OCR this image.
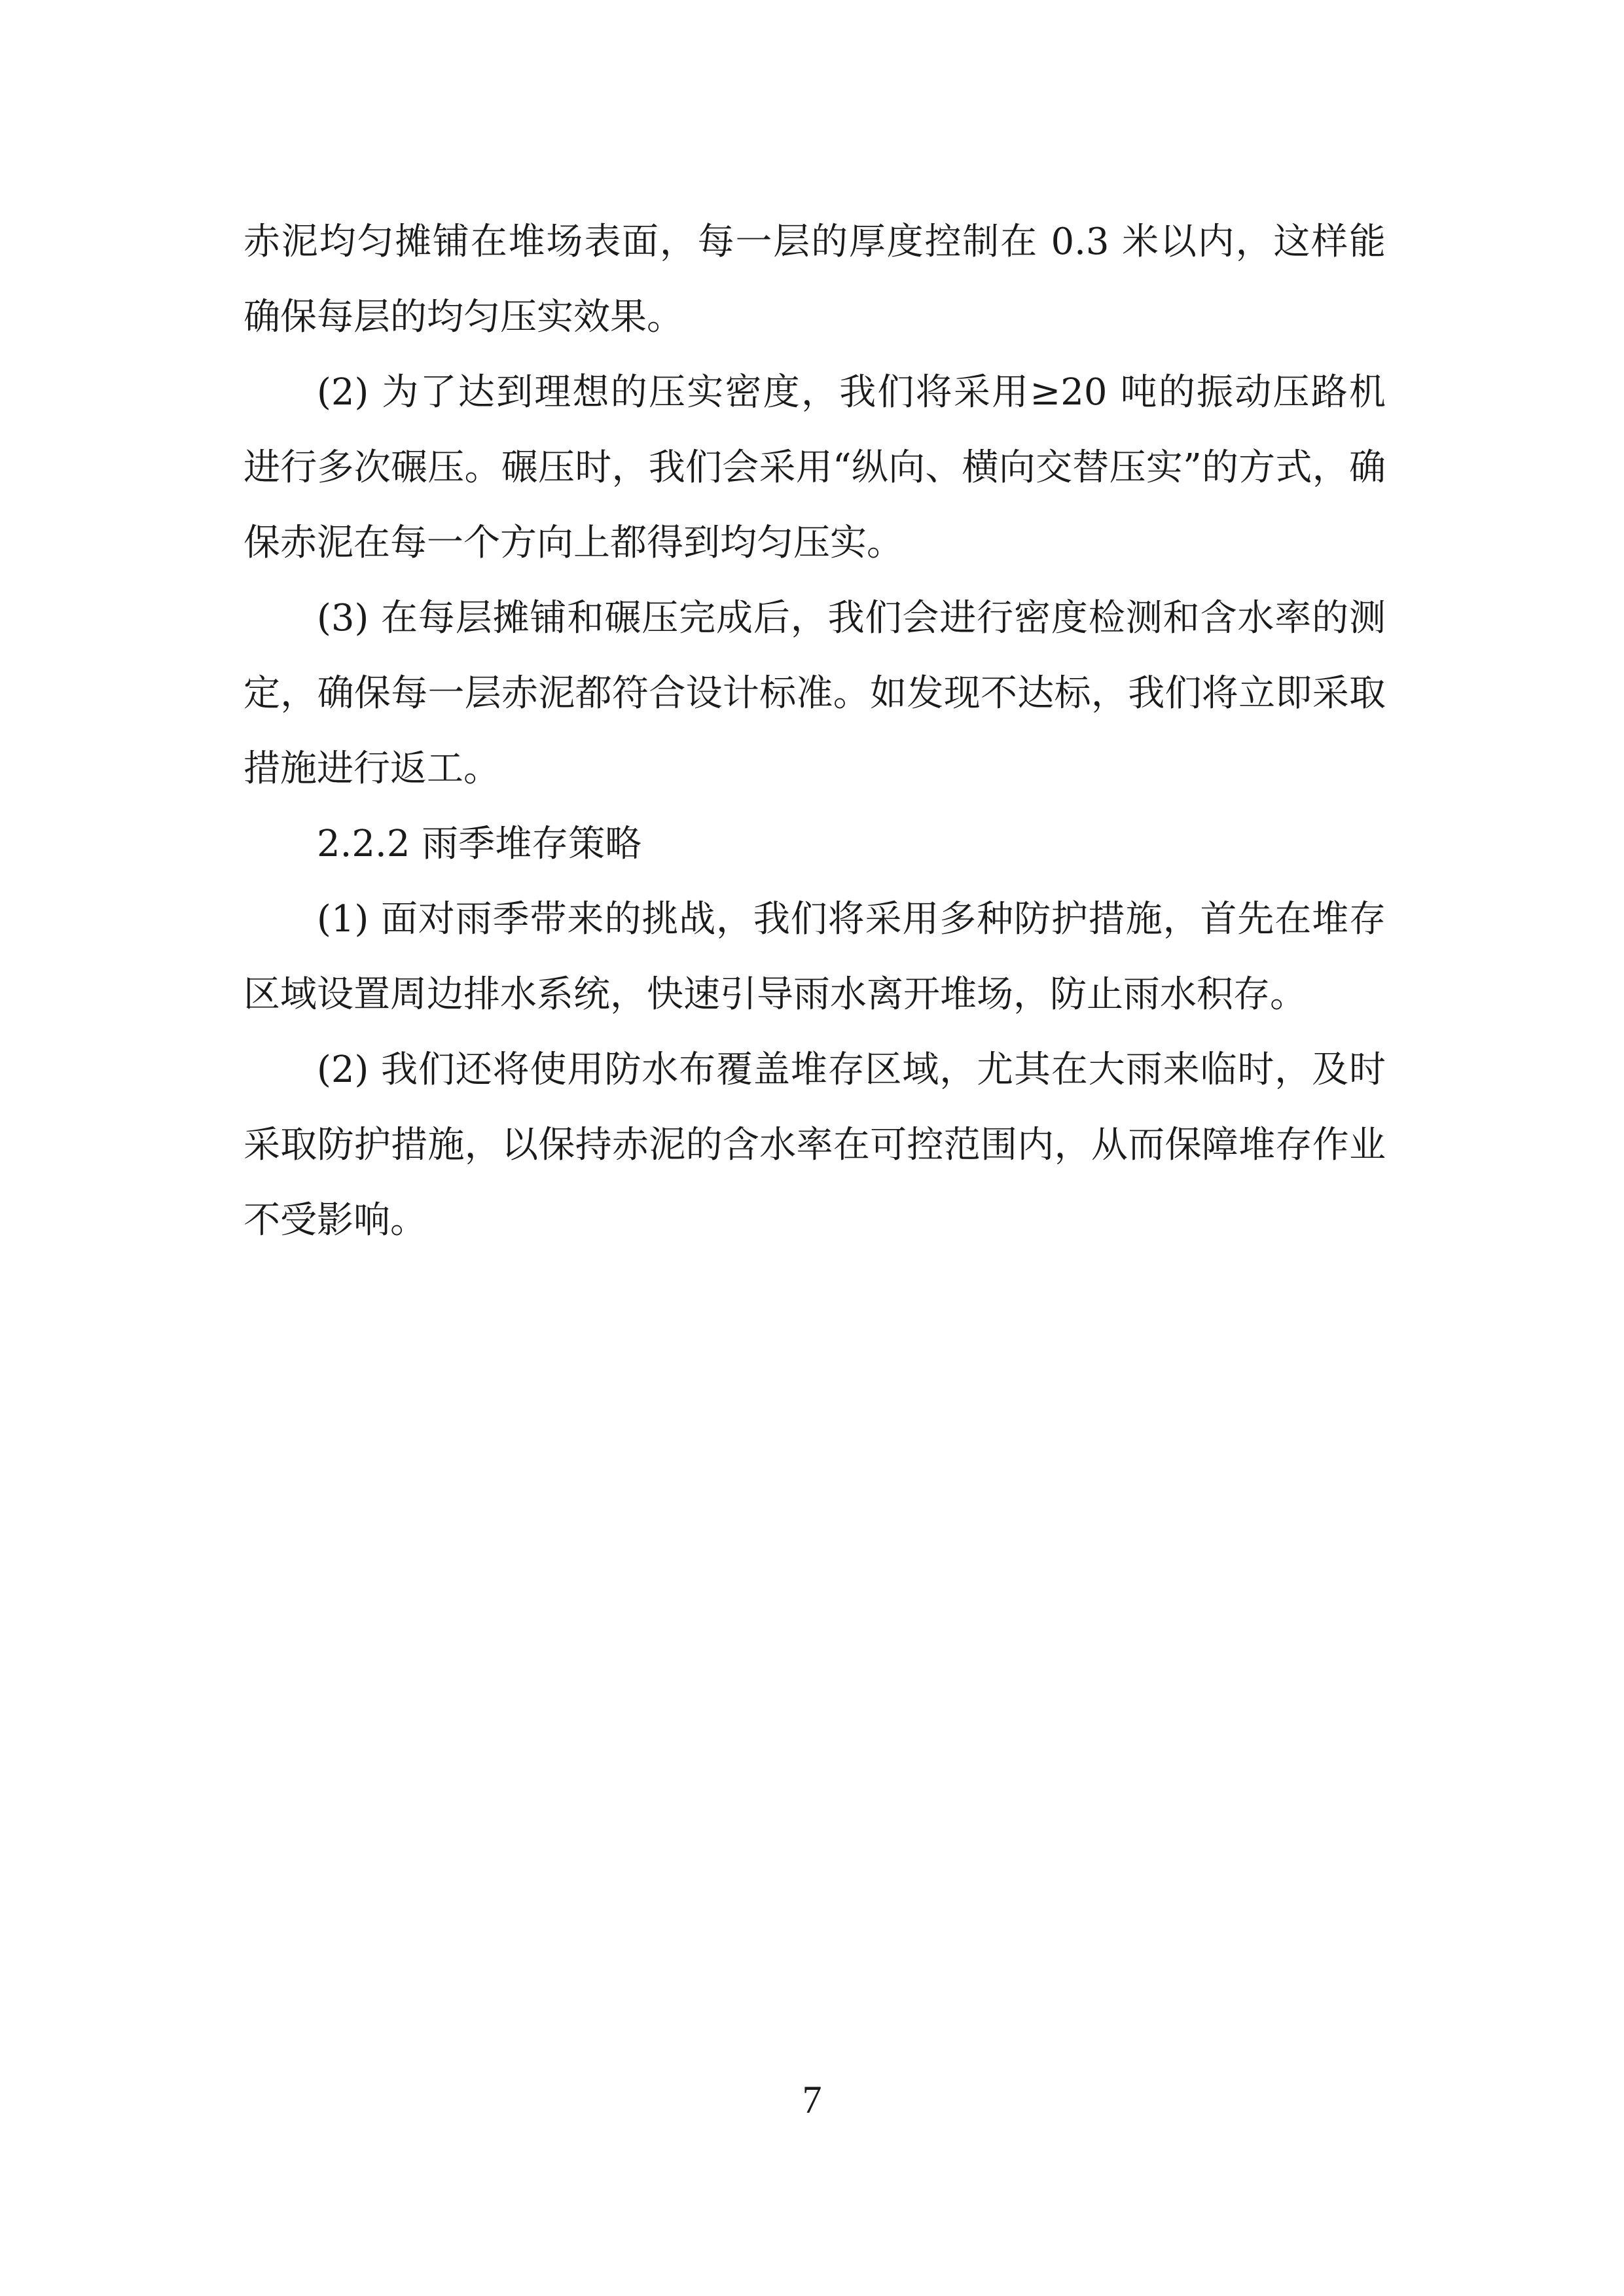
赤泥均匀摊铺在堆场表面，每一层的厚度控制在 0.3 米以内，这样能确保每层的均匀压实效果。

(2) 为了达到理想的压实密度，我们将采用≥20 吨的振动压路机进行多次碾压。碾压时，我们会采用“纵向、横向交替压实”的方式，确保赤泥在每一个方向上都得到均匀压实。

(3) 在每层摊铺和碾压完成后，我们会进行密度检测和含水率的测定，确保每一层赤泥都符合设计标准。如发现不达标，我们将立即采取措施进行返工。

2.2.2 雨季堆存策略

(1) 面对雨季带来的挑战，我们将采用多种防护措施，首先在堆存区域设置周边排水系统，快速引导雨水离开堆场，防止雨水积存。

(2) 我们还将使用防水布覆盖堆存区域，尤其在大雨来临时，及时采取防护措施，以保持赤泥的含水率在可控范围内，从而保障堆存作业不受影响。

7
